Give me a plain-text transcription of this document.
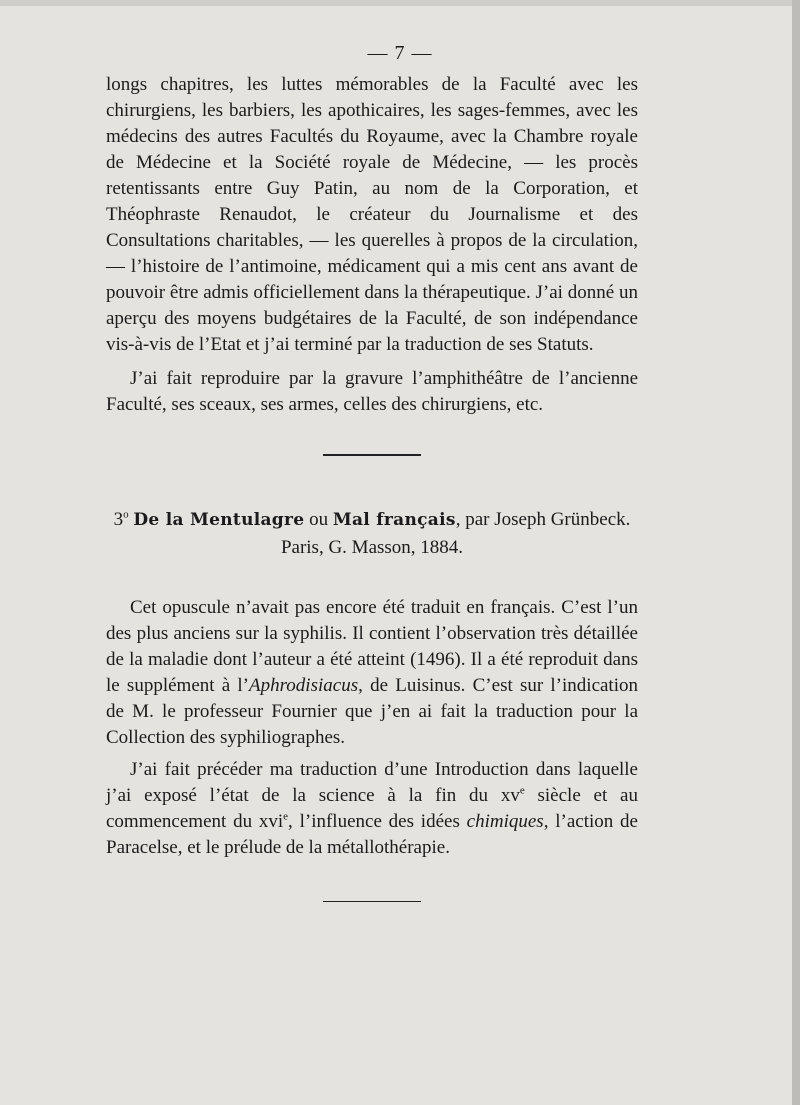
— 7 —

longs chapitres, les luttes mémorables de la Faculté avec les chirurgiens, les barbiers, les apothicaires, les sages-femmes, avec les médecins des autres Facultés du Royaume, avec la Chambre royale de Médecine et la Société royale de Médecine, — les procès retentissants entre Guy Patin, au nom de la Corporation, et Théophraste Renaudot, le créateur du Journalisme et des Consultations charitables, — les querelles à propos de la circulation, — l’histoire de l’antimoine, médicament qui a mis cent ans avant de pouvoir être admis officiellement dans la thérapeutique. J’ai donné un aperçu des moyens budgétaires de la Faculté, de son indépendance vis-à-vis de l’Etat et j’ai terminé par la traduction de ses Statuts.

J’ai fait reproduire par la gravure l’amphithéâtre de l’ancienne Faculté, ses sceaux, ses armes, celles des chirurgiens, etc.

3$^o$ De la Mentulagre ou Mal français, par Joseph Grünbeck.
Paris, G. Masson, 1884.

Cet opuscule n’avait pas encore été traduit en français. C’est l’un des plus anciens sur la syphilis. Il contient l’observation très détaillée de la maladie dont l’auteur a été atteint (1496). Il a été reproduit dans le supplément à l’Aphrodisiacus, de Luisinus. C’est sur l’indication de M. le professeur Fournier que j’en ai fait la traduction pour la Collection des syphiliographes.

J’ai fait précéder ma traduction d’une Introduction dans laquelle j’ai exposé l’état de la science à la fin du $xv^e$ siècle et au commencement du xvi$^e$, l’influence des idées chimiques, l’action de Paracelse, et le prélude de la métallothérapie.
